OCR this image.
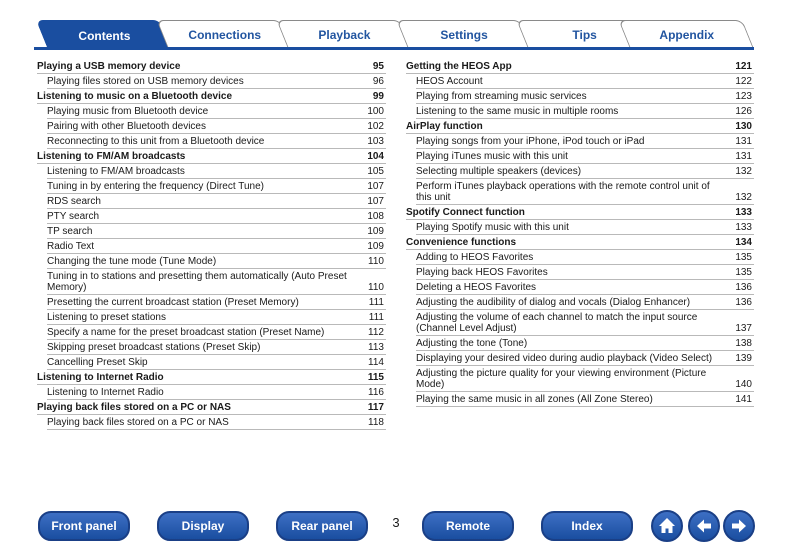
Contents	Connections	Playback	Settings	Tips	Appendix
Playing a USB memory device	95
Playing files stored on USB memory devices	96
Listening to music on a Bluetooth device	99
Playing music from Bluetooth device	100
Pairing with other Bluetooth devices	102
Reconnecting to this unit from a Bluetooth device	103
Listening to FM/AM broadcasts	104
Listening to FM/AM broadcasts	105
Tuning in by entering the frequency (Direct Tune)	107
RDS search	107
PTY search	108
TP search	109
Radio Text	109
Changing the tune mode (Tune Mode)	110
Tuning in to stations and presetting them automatically (Auto Preset Memory)	110
Presetting the current broadcast station (Preset Memory)	111
Listening to preset stations	111
Specify a name for the preset broadcast station (Preset Name)	112
Skipping preset broadcast stations (Preset Skip)	113
Cancelling Preset Skip	114
Listening to Internet Radio	115
Listening to Internet Radio	116
Playing back files stored on a PC or NAS	117
Playing back files stored on a PC or NAS	118
Getting the HEOS App	121
HEOS Account	122
Playing from streaming music services	123
Listening to the same music in multiple rooms	126
AirPlay function	130
Playing songs from your iPhone, iPod touch or iPad	131
Playing iTunes music with this unit	131
Selecting multiple speakers (devices)	132
Perform iTunes playback operations with the remote control unit of this unit	132
Spotify Connect function	133
Playing Spotify music with this unit	133
Convenience functions	134
Adding to HEOS Favorites	135
Playing back HEOS Favorites	135
Deleting a HEOS Favorites	136
Adjusting the audibility of dialog and vocals (Dialog Enhancer)	136
Adjusting the volume of each channel to match the input source (Channel Level Adjust)	137
Adjusting the tone (Tone)	138
Displaying your desired video during audio playback (Video Select)	139
Adjusting the picture quality for your viewing environment (Picture Mode)	140
Playing the same music in all zones (All Zone Stereo)	141
Front panel	Display	Rear panel	3	Remote	Index
